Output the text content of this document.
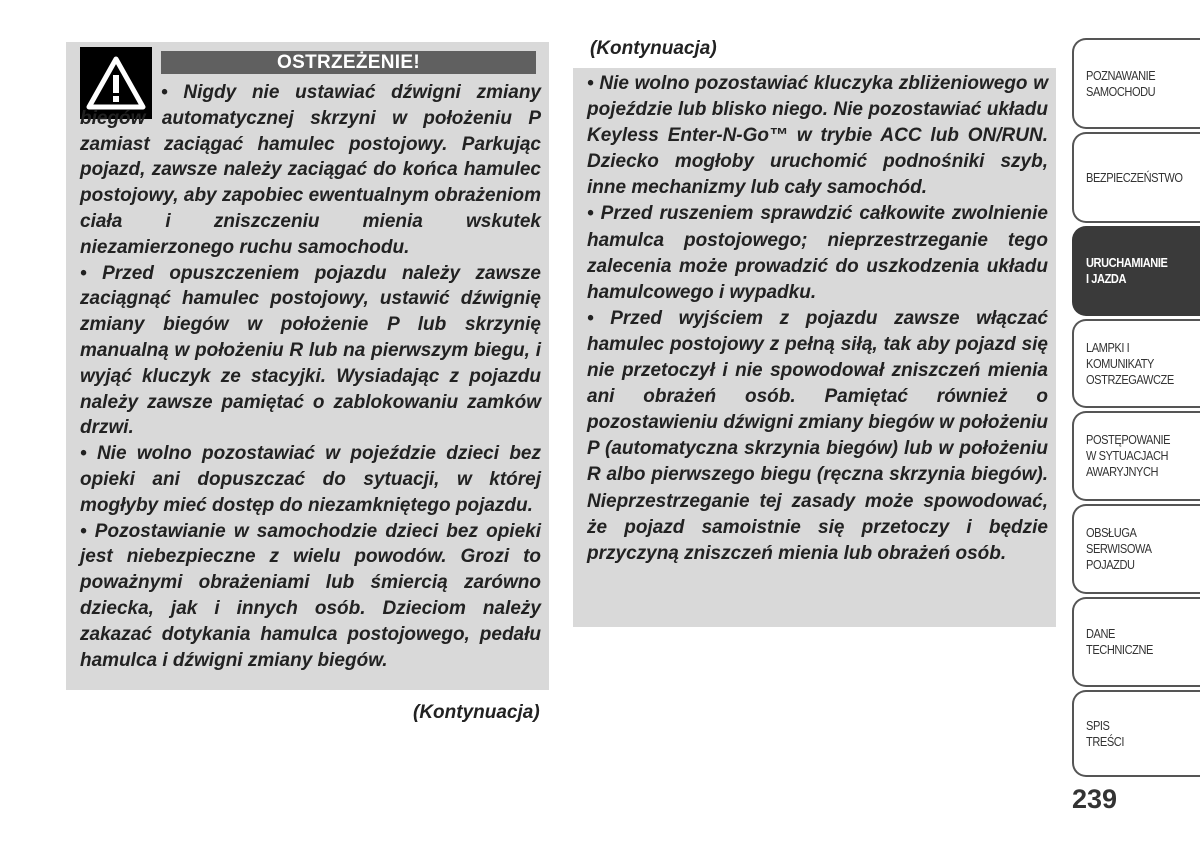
OSTRZEŻENIE!

• Nigdy nie ustawiać dźwigni zmiany biegów automatycznej skrzyni w położeniu P zamiast zaciągać hamulec postojowy. Parkując pojazd, zawsze należy zaciągać do końca hamulec postojowy, aby zapobiec ewentualnym obrażeniom ciała i zniszczeniu mienia wskutek niezamierzonego ruchu samochodu.

• Przed opuszczeniem pojazdu należy zawsze zaciągnąć hamulec postojowy, ustawić dźwignię zmiany biegów w położenie P lub skrzynię manualną w położeniu R lub na pierwszym biegu, i wyjąć kluczyk ze stacyjki. Wysiadając z pojazdu należy zawsze pamiętać o zablokowaniu zamków drzwi.

• Nie wolno pozostawiać w pojeździe dzieci bez opieki ani dopuszczać do sytuacji, w której mogłyby mieć dostęp do niezamkniętego pojazdu.

• Pozostawianie w samochodzie dzieci bez opieki jest niebezpieczne z wielu powodów. Grozi to poważnymi obrażeniami lub śmiercią zarówno dziecka, jak i innych osób. Dzieciom należy zakazać dotykania hamulca postojowego, pedału hamulca i dźwigni zmiany biegów.

(Kontynuacja)
(Kontynuacja)

• Nie wolno pozostawiać kluczyka zbliżeniowego w pojeździe lub blisko niego. Nie pozostawiać układu Keyless Enter-N-Go™ w trybie ACC lub ON/RUN. Dziecko mogłoby uruchomić podnośniki szyb, inne mechanizmy lub cały samochód.

• Przed ruszeniem sprawdzić całkowite zwolnienie hamulca postojowego; nieprzestrzeganie tego zalecenia może prowadzić do uszkodzenia układu hamulcowego i wypadku.

• Przed wyjściem z pojazdu zawsze włączać hamulec postojowy z pełną siłą, tak aby pojazd się nie przetoczył i nie spowodował zniszczeń mienia ani obrażeń osób. Pamiętać również o pozostawieniu dźwigni zmiany biegów w położeniu P (automatyczna skrzynia biegów) lub w położeniu R albo pierwszego biegu (ręczna skrzynia biegów). Nieprzestrzeganie tej zasady może spowodować, że pojazd samoistnie się przetoczy i będzie przyczyną zniszczeń mienia lub obrażeń osób.

POZNAWANIE
SAMOCHODU
BEZPIECZEŃSTWO
URUCHAMIANIE
I JAZDA
LAMPKI I
KOMUNIKATY
OSTRZEGAWCZE
POSTĘPOWANIE
W SYTUACJACH
AWARYJNYCH
OBSŁUGA
SERWISOWA
POJAZDU
DANE
TECHNICZNE
SPIS
TREŚCI
239
